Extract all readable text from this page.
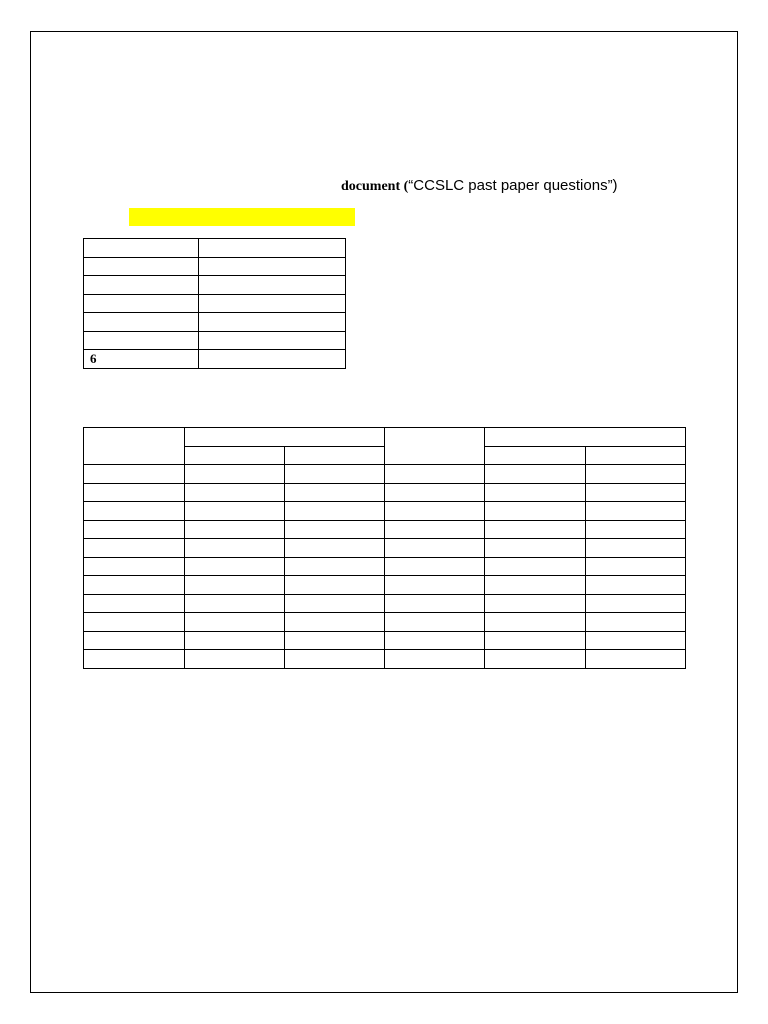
document (“CCSLC past paper questions”)

6	
